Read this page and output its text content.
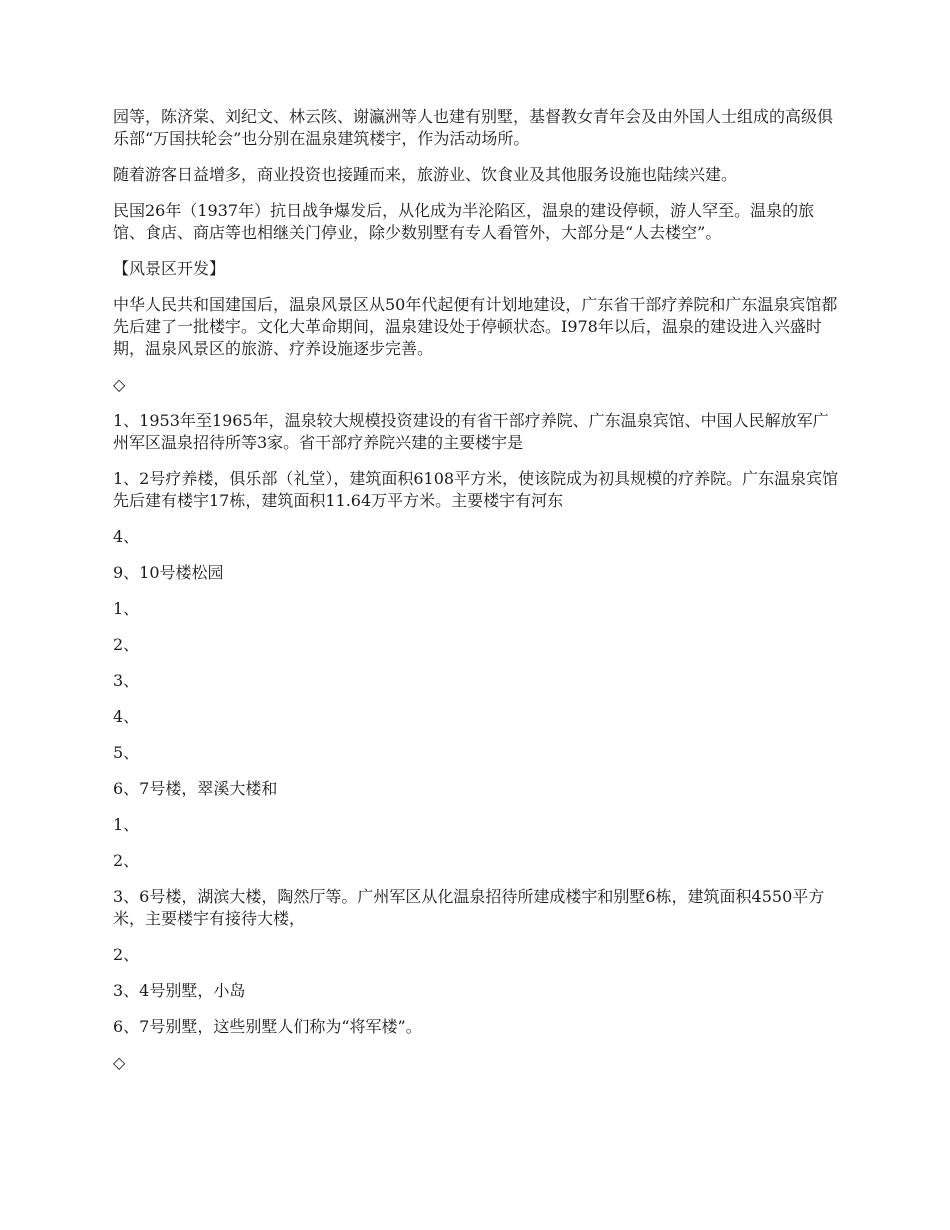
园等，陈济棠、刘纪文、林云陔、谢瀛洲等人也建有别墅，基督教女青年会及由外国人士组成的高级俱乐部“万国扶轮会”也分别在温泉建筑楼宇，作为活动场所。

随着游客日益增多，商业投资也接踵而来，旅游业、饮食业及其他服务设施也陆续兴建。

民国26年（1937年）抗日战争爆发后，从化成为半沦陷区，温泉的建设停顿，游人罕至。温泉的旅馆、食店、商店等也相继关门停业，除少数别墅有专人看管外，大部分是“人去楼空”。

【风景区开发】

中华人民共和国建国后，温泉风景区从50年代起便有计划地建设，广东省干部疗养院和广东温泉宾馆都先后建了一批楼宇。文化大革命期间，温泉建设处于停顿状态。I978年以后，温泉的建设进入兴盛时期，温泉风景区的旅游、疗养设施逐步完善。

◇

1、1953年至1965年，温泉较大规模投资建设的有省干部疗养院、广东温泉宾馆、中国人民解放军广州军区温泉招待所等3家。省干部疗养院兴建的主要楼宇是

1、2号疗养楼，俱乐部（礼堂），建筑面积6108平方米，使该院成为初具规模的疗养院。广东温泉宾馆先后建有楼宇17栋，建筑面积11.64万平方米。主要楼宇有河东

4、

9、10号楼松园

1、

2、

3、

4、

5、

6、7号楼，翠溪大楼和

1、

2、

3、6号楼，湖滨大楼，陶然厅等。广州军区从化温泉招待所建成楼宇和别墅6栋，建筑面积4550平方米，主要楼宇有接待大楼，

2、

3、4号别墅，小岛

6、7号别墅，这些别墅人们称为“将军楼”。

◇
